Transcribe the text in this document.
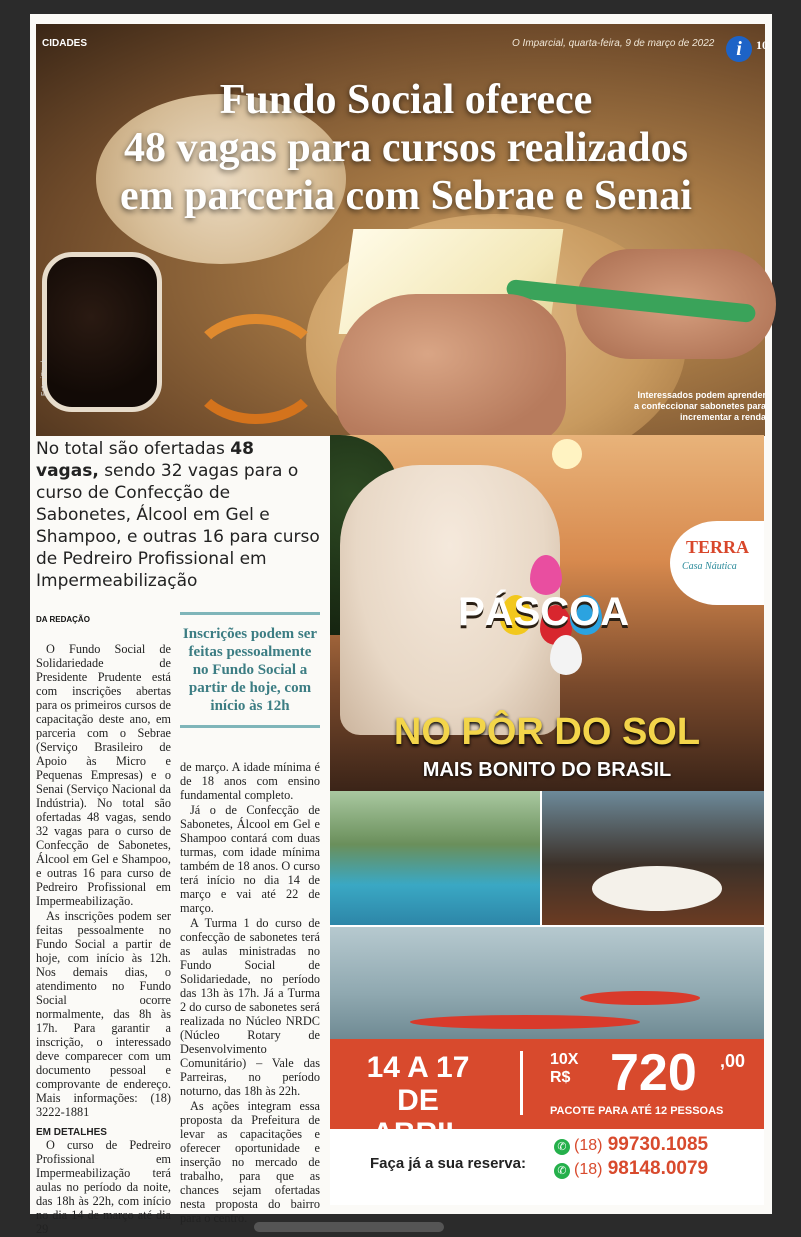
CIDADES	O Imparcial, quarta-feira, 9 de março de 2022	i	10
Fundo Social oferece
48 vagas para cursos realizados
em parceria com Sebrae e Senai
Foto: iStock	Interessados podem aprender
a confeccionar sabonetes para
incrementar a renda
No total são ofertadas 48 vagas, sendo 32 vagas para o curso de Confecção de Sabonetes, Álcool em Gel e Shampoo, e outras 16 para curso de Pedreiro Profissional em Impermeabilização
DA REDAÇÃO

O Fundo Social de Solidariedade de Presidente Prudente está com inscrições abertas para os primeiros cursos de capacitação deste ano, em parceria com o Sebrae (Serviço Brasileiro de Apoio às Micro e Pequenas Empresas) e o Senai (Serviço Nacional da Indústria). No total são ofertadas 48 vagas, sendo 32 vagas para o curso de Confecção de Sabonetes, Álcool em Gel e Shampoo, e outras 16 para curso de Pedreiro Profissional em Impermeabilização.

As inscrições podem ser feitas pessoalmente no Fundo Social a partir de hoje, com início às 12h. Nos demais dias, o atendimento no Fundo Social ocorre normalmente, das 8h às 17h. Para garantir a inscrição, o interessado deve comparecer com um documento pessoal e comprovante de endereço. Mais informações: (18) 3222-1881

EM DETALHES

O curso de Pedreiro Profissional em Impermeabilização terá aulas no período da noite, das 18h às 22h, com início no dia 14 de março até dia 29

Inscrições podem ser feitas pessoalmente no Fundo Social a partir de hoje, com início às 12h

de março. A idade mínima é de 18 anos com ensino fundamental completo.

Já o de Confecção de Sabonetes, Álcool em Gel e Shampoo contará com duas turmas, com idade mínima também de 18 anos. O curso terá início no dia 14 de março e vai até 22 de março.

A Turma 1 do curso de confecção de sabonetes terá as aulas ministradas no Fundo Social de Solidariedade, no período das 13h às 17h. Já a Turma 2 do curso de sabonetes será realizada no Núcleo NRDC (Núcleo Rotary de Desenvolvimento Comunitário) – Vale das Parreiras, no período noturno, das 18h às 22h.

As ações integram essa proposta da Prefeitura de levar as capacitações e oferecer oportunidade e inserção no mercado de trabalho, para que as chances sejam ofertadas nesta proposta do bairro para o centro.

TERRA
Casa Náutica
PÁSCOA
NO PÔR DO SOL
MAIS BONITO DO BRASIL
14 A 17
DE ABRIL
10X
R$ 720 ,00
PACOTE PARA ATÉ 12 PESSOAS
Faça já a sua reserva:
✆ (18) 99730.1085
✆ (18) 98148.0079
